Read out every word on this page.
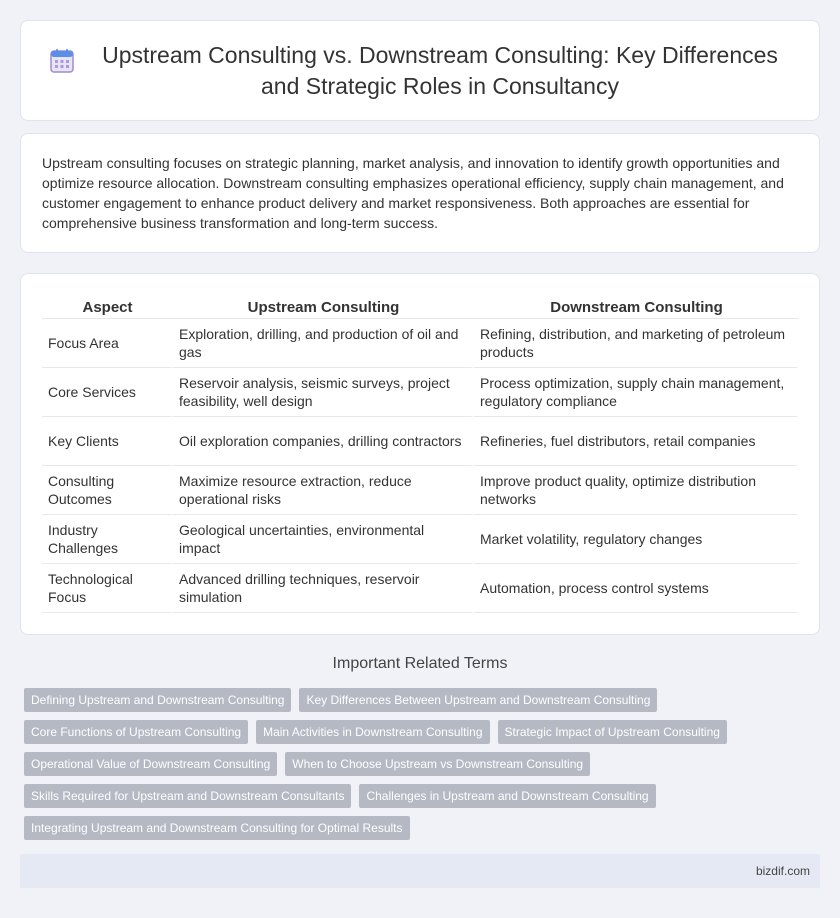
Upstream Consulting vs. Downstream Consulting: Key Differences and Strategic Roles in Consultancy

Upstream consulting focuses on strategic planning, market analysis, and innovation to identify growth opportunities and optimize resource allocation. Downstream consulting emphasizes operational efficiency, supply chain management, and customer engagement to enhance product delivery and market responsiveness. Both approaches are essential for comprehensive business transformation and long-term success.

Aspect	Upstream Consulting	Downstream Consulting
Focus Area	Exploration, drilling, and production of oil and gas	Refining, distribution, and marketing of petroleum products
Core Services	Reservoir analysis, seismic surveys, project feasibility, well design	Process optimization, supply chain management, regulatory compliance
Key Clients	Oil exploration companies, drilling contractors	Refineries, fuel distributors, retail companies
Consulting Outcomes	Maximize resource extraction, reduce operational risks	Improve product quality, optimize distribution networks
Industry Challenges	Geological uncertainties, environmental impact	Market volatility, regulatory changes
Technological Focus	Advanced drilling techniques, reservoir simulation	Automation, process control systems
Important Related Terms
Defining Upstream and Downstream Consulting	Key Differences Between Upstream and Downstream Consulting
Core Functions of Upstream Consulting	Main Activities in Downstream Consulting	Strategic Impact of Upstream Consulting
Operational Value of Downstream Consulting	When to Choose Upstream vs Downstream Consulting
Skills Required for Upstream and Downstream Consultants	Challenges in Upstream and Downstream Consulting
Integrating Upstream and Downstream Consulting for Optimal Results
bizdif.com
